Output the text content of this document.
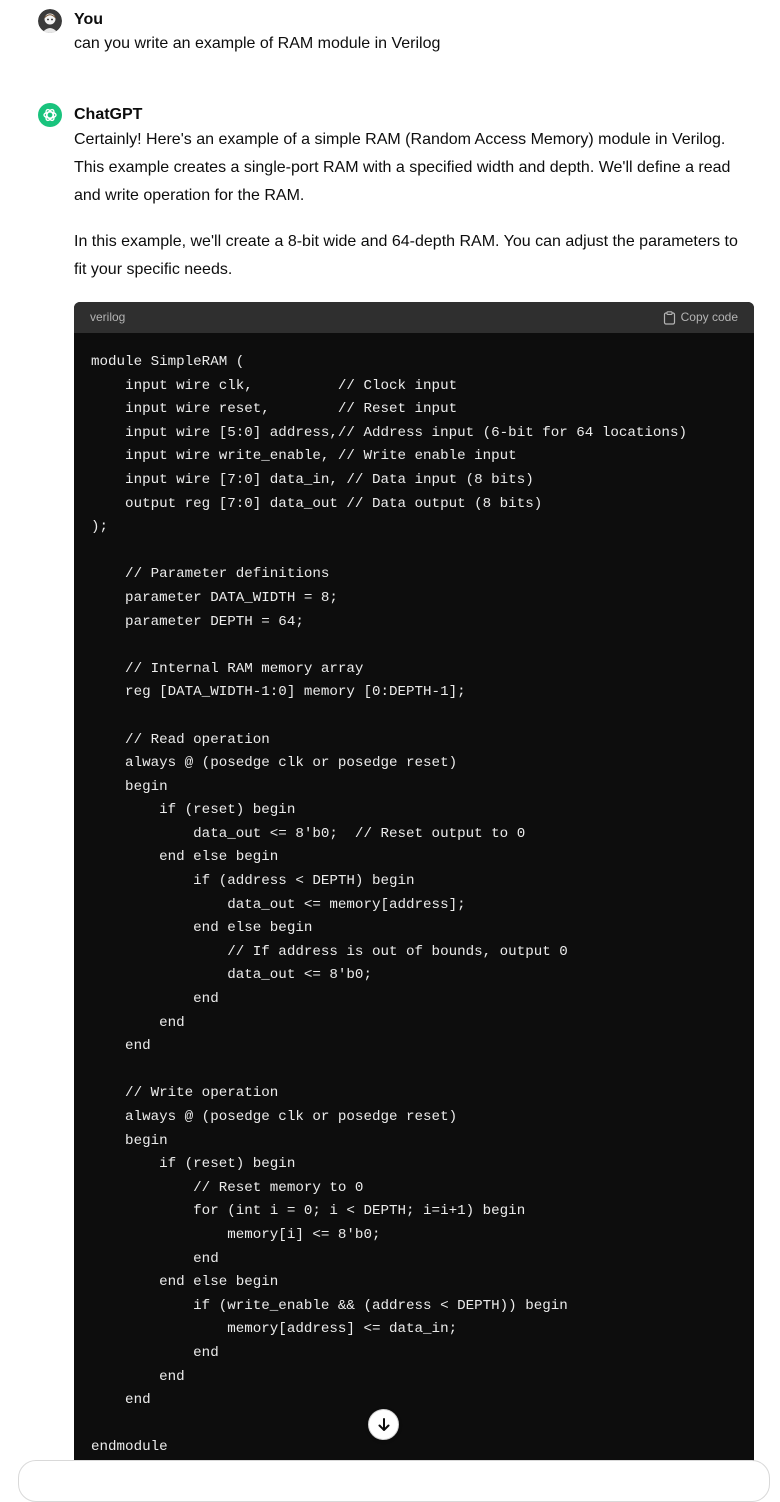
You
can you write an example of RAM module in Verilog
ChatGPT

Certainly! Here's an example of a simple RAM (Random Access Memory) module in Verilog. This example creates a single-port RAM with a specified width and depth. We'll define a read and write operation for the RAM.

In this example, we'll create a 8-bit wide and 64-depth RAM. You can adjust the parameters to fit your specific needs.

verilog	Copy code
module SimpleRAM (
input wire clk,          // Clock input
input wire reset,        // Reset input
input wire [5:0] address,// Address input (6-bit for 64 locations)
input wire write_enable, // Write enable input
input wire [7:0] data_in, // Data input (8 bits)
output reg [7:0] data_out // Data output (8 bits)
);

// Parameter definitions
parameter DATA_WIDTH = 8;
parameter DEPTH = 64;

// Internal RAM memory array
reg [DATA_WIDTH-1:0] memory [0:DEPTH-1];

// Read operation
always @ (posedge clk or posedge reset)
begin
if (reset) begin
data_out <= 8'b0;  // Reset output to 0
end else begin
if (address < DEPTH) begin
data_out <= memory[address];
end else begin
// If address is out of bounds, output 0
data_out <= 8'b0;
end
end
end

// Write operation
always @ (posedge clk or posedge reset)
begin
if (reset) begin
// Reset memory to 0
for (int i = 0; i < DEPTH; i=i+1) begin
memory[i] <= 8'b0;
end
end else begin
if (write_enable && (address < DEPTH)) begin
memory[address] <= data_in;
end
end
end

endmodule
